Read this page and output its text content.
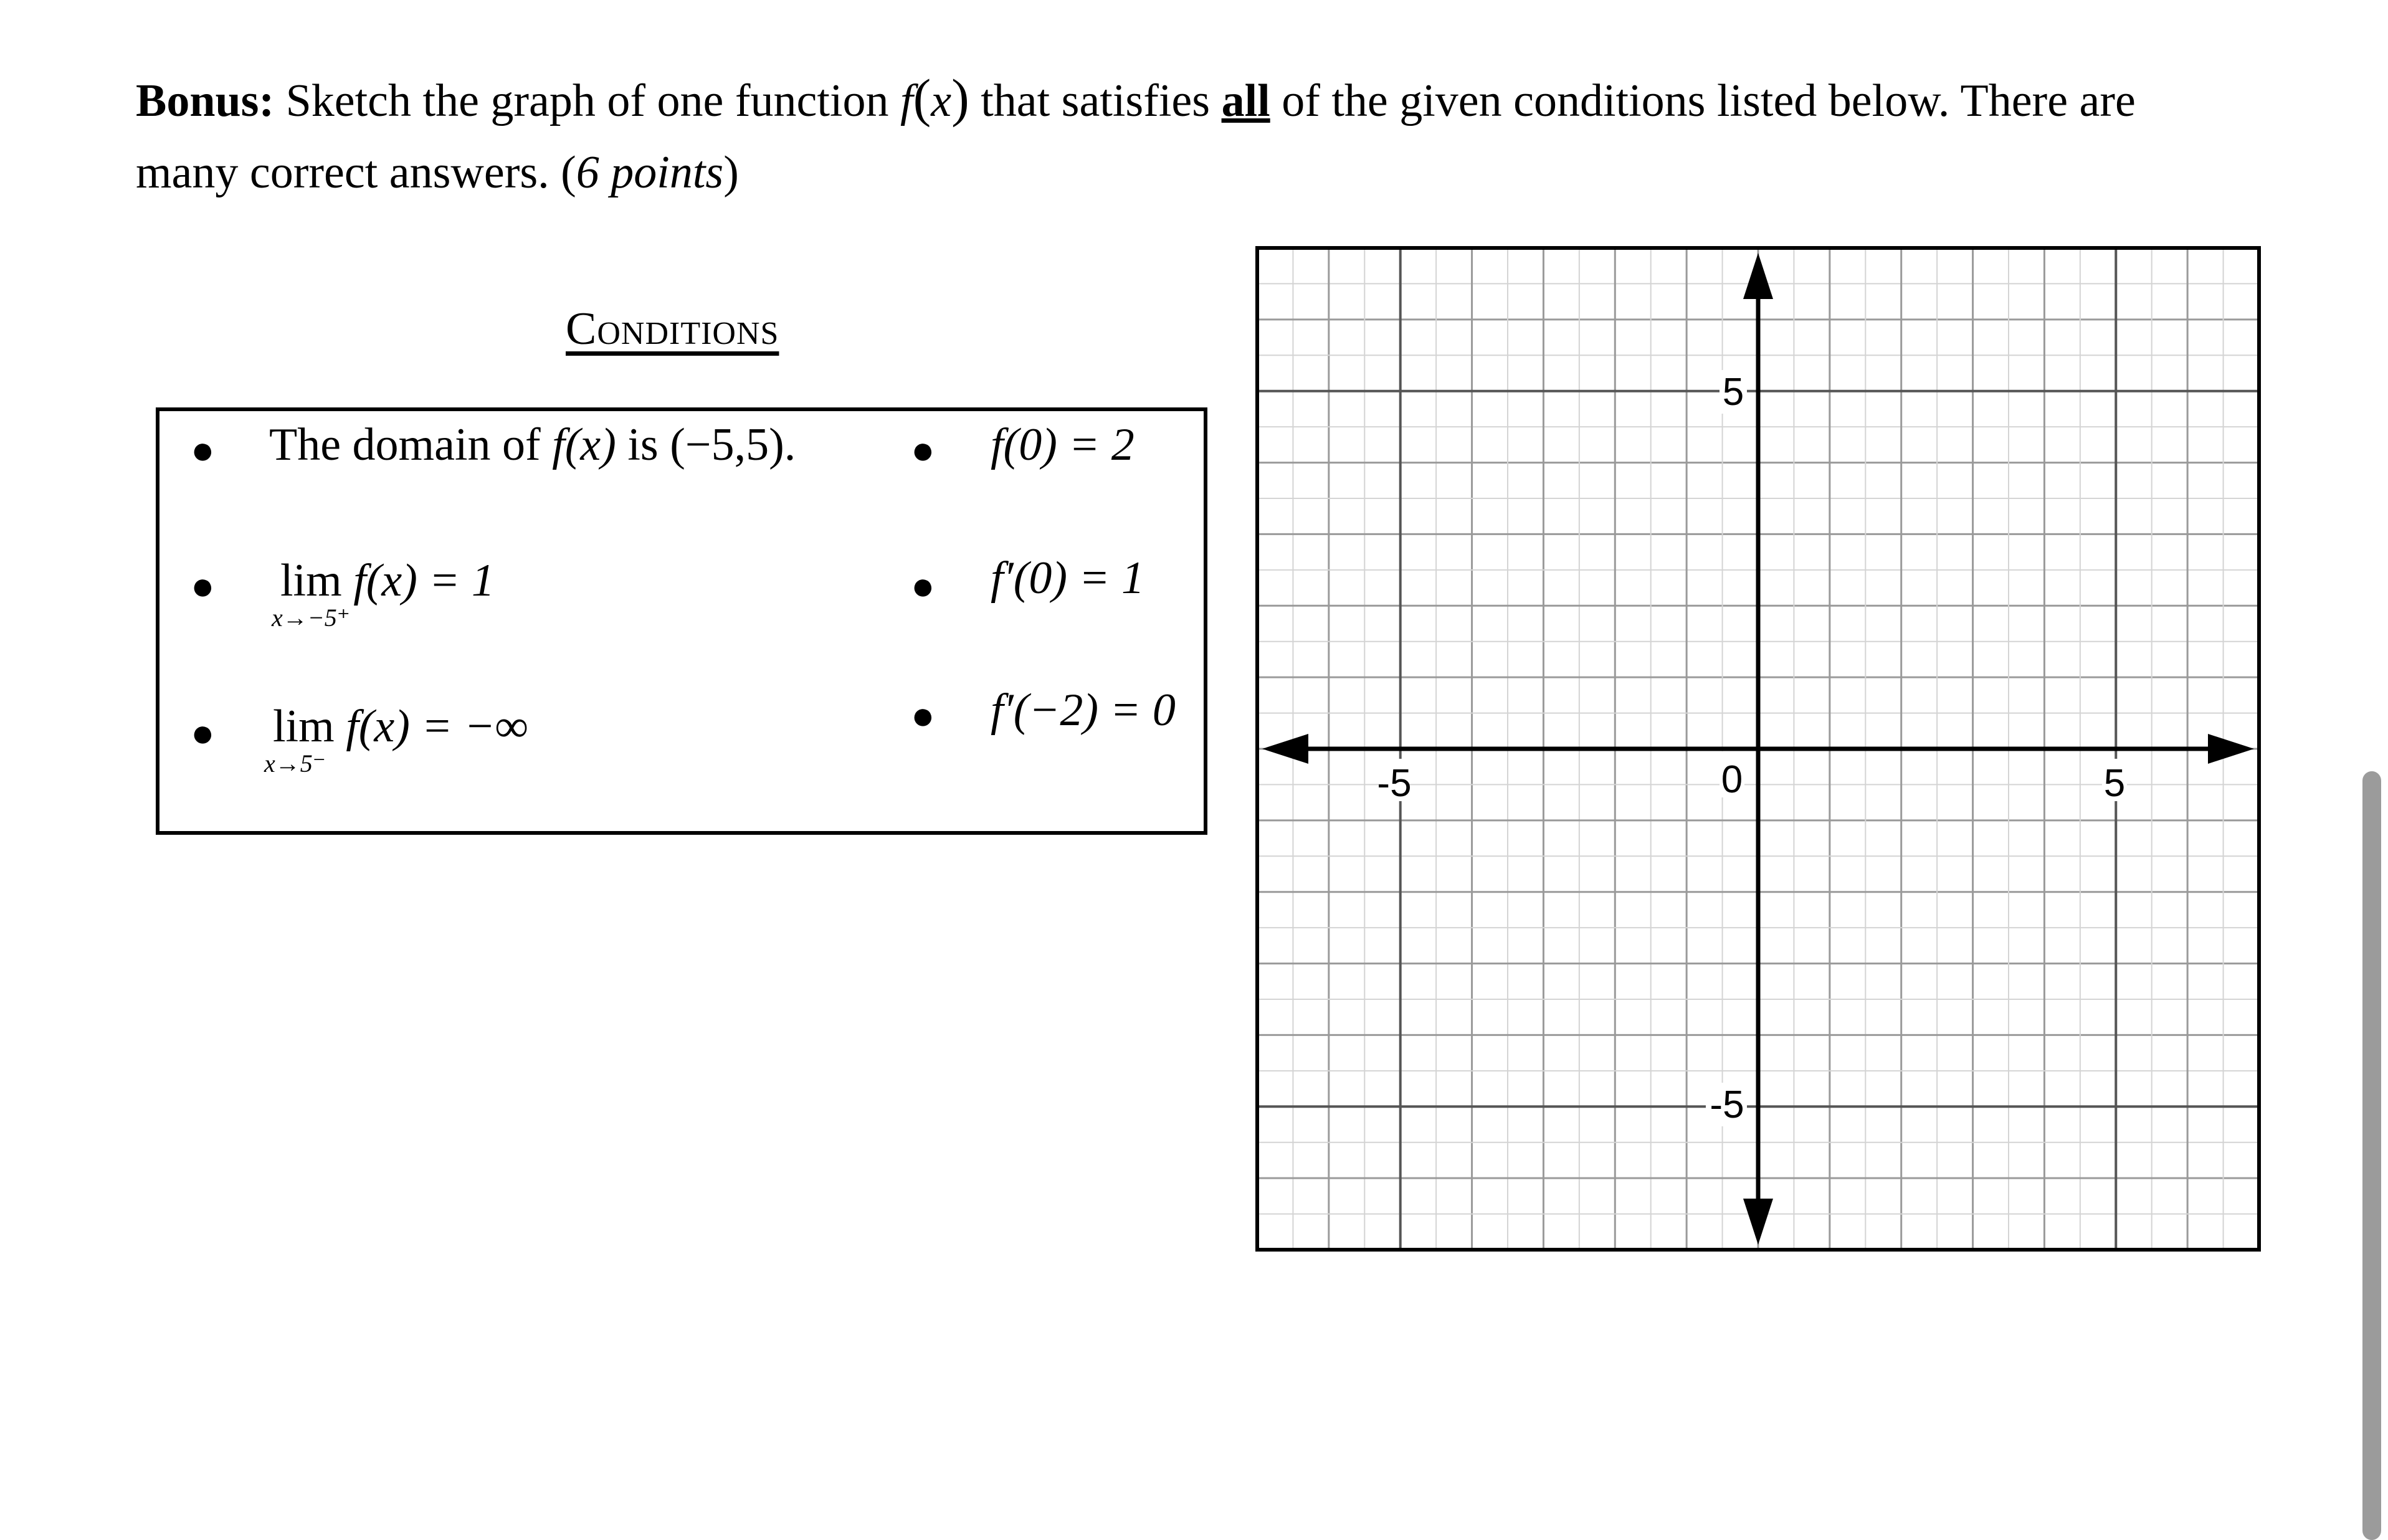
Bonus: Sketch the graph of one function f(x) that satisfies all of the given conditions listed below. There are
many correct answers. (6 points)
Conditions
●
●
●
●
●
●
The domain of f(x) is (−5,5).	f(0) = 2
lim
x→−5⁺
f(x) = 1	f′(0) = 1
lim
x→5⁻
f(x) = −∞	f′(−2) = 0
-5	0	5
5
-5
